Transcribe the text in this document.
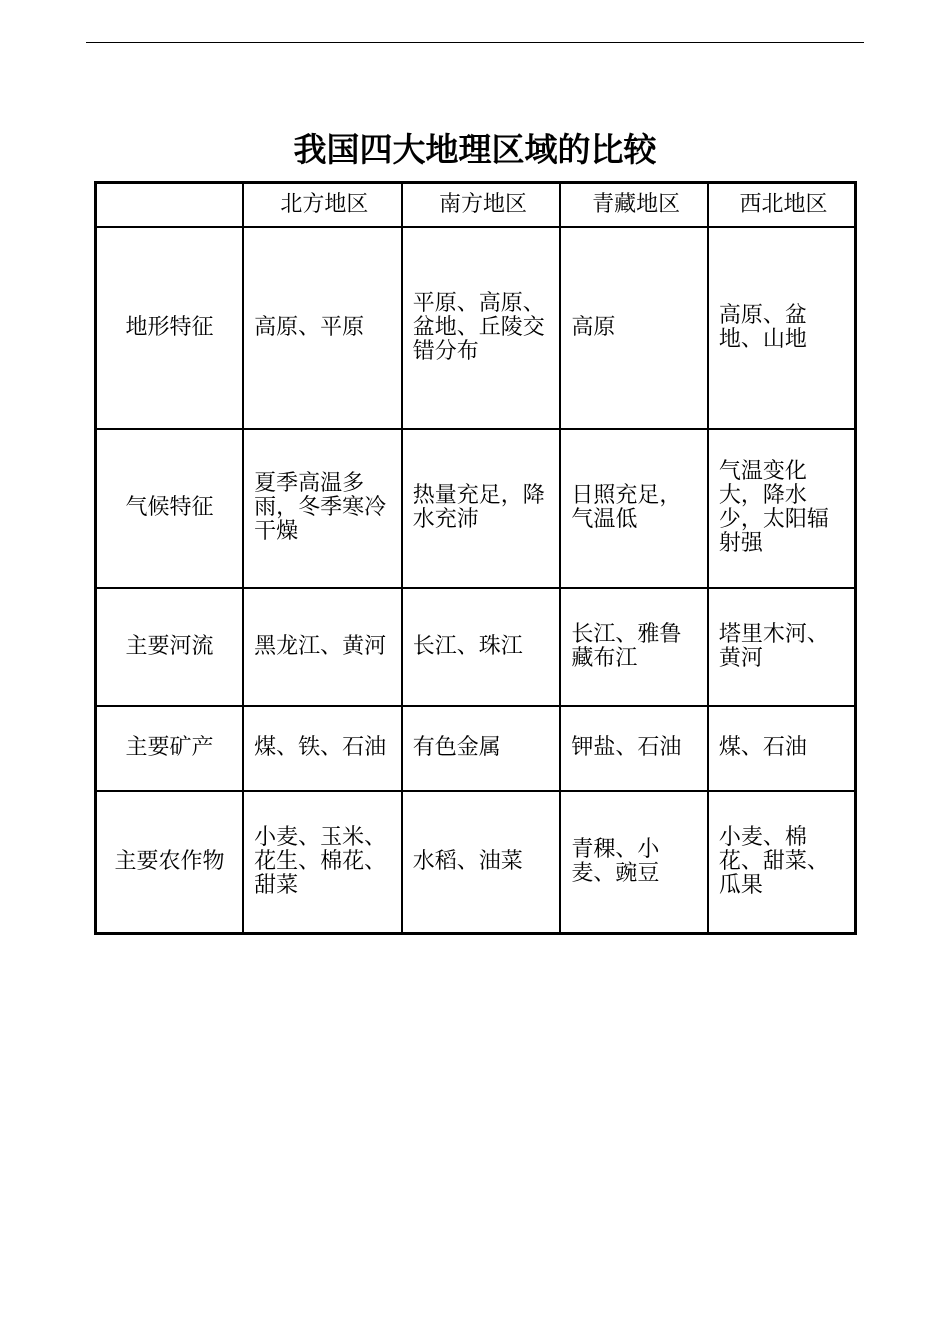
我国四大地理区域的比较
	北方地区	南方地区	青藏地区	西北地区
地形特征	高原、平原	平原、高原、盆地、丘陵交错分布	高原	高原、盆地、山地
气候特征	夏季高温多雨，冬季寒冷干燥	热量充足，降水充沛	日照充足，气温低	气温变化大，降水少，太阳辐射强
主要河流	黑龙江、黄河	长江、珠江	长江、雅鲁藏布江	塔里木河、黄河
主要矿产	煤、铁、石油	有色金属	钾盐、石油	煤、石油
主要农作物	小麦、玉米、花生、棉花、甜菜	水稻、油菜	青稞、小麦、豌豆	小麦、棉花、甜菜、瓜果
